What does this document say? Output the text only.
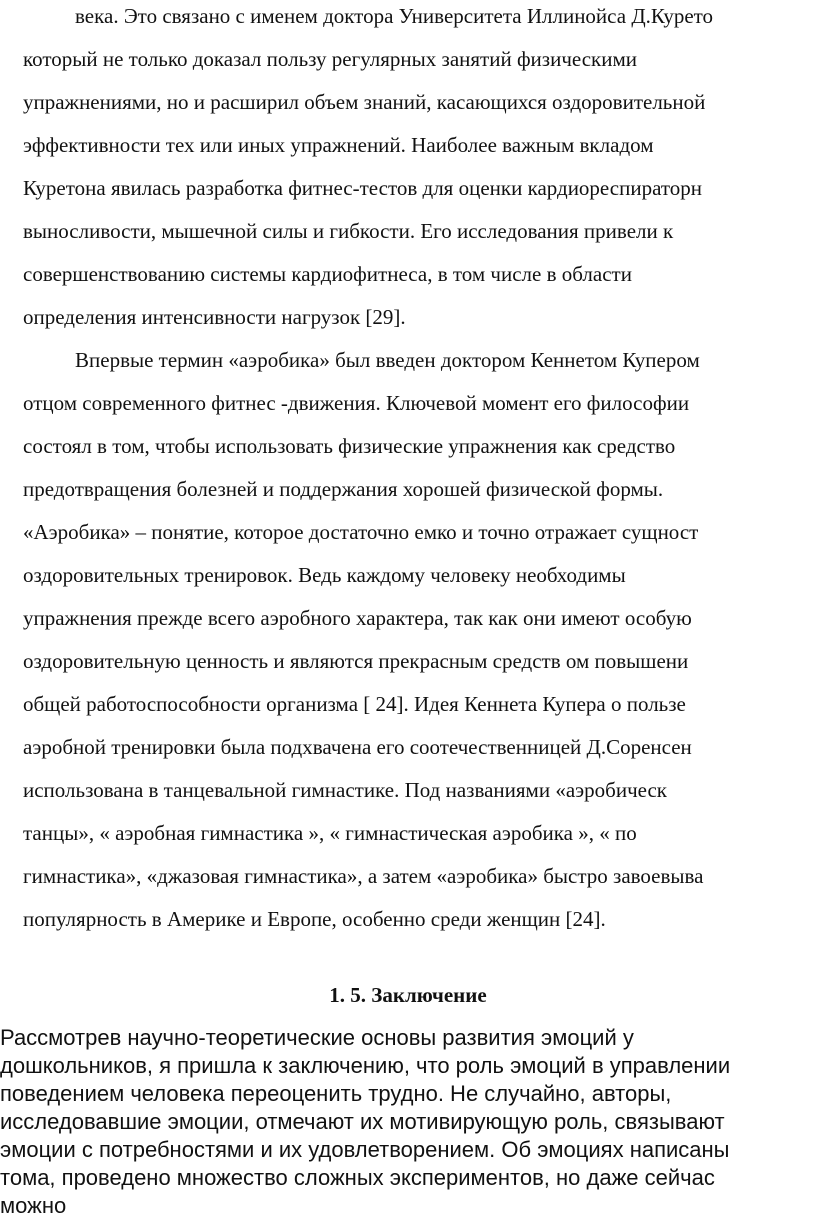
века. Это связано с именем доктора Университета Иллинойса Д.Курето
который не только доказал пользу регулярных занятий физическими
упражнениями, но и расширил объем знаний, касающихся оздоровительной
эффективности тех или иных упражнений. Наиболее важным вкладом
Куретона явилась разработка фитнес-тестов для оценки кардиореспираторн
выносливости, мышечной силы и гибкости. Его исследования привели к
совершенствованию системы кардиофитнеса, в том числе в области
определения интенсивности нагрузок [29].
Впервые термин «аэробика» был введен доктором Кеннетом Купером
отцом современного фитнес -движения. Ключевой момент его философии
состоял в том, чтобы использовать физические упражнения как средство
предотвращения болезней и поддержания хорошей физической формы.
«Аэробика» – понятие, которое достаточно емко и точно отражает сущност
оздоровительных тренировок. Ведь каждому человеку необходимы
упражнения прежде всего аэробного характера, так как они имеют особую
оздоровительную ценность и являются прекрасным средств ом повышени
общей работоспособности организма [ 24]. Идея Кеннета Купера о пользе
аэробной тренировки была подхвачена его соотечественницей Д.Соренсен
использована в танцевальной гимнастике. Под названиями «аэробическ
танцы», « аэробная гимнастика », « гимнастическая аэробика », « по
гимнастика», «джазовая гимнастика», а затем «аэробика» быстро завоевыва
популярность в Америке и Европе, особенно среди женщин [24].
1. 5. Заключение
Рассмотрев научно-теоретические основы развития эмоций у
дошкольников, я пришла к заключению, что роль эмоций в управлении
поведением человека переоценить трудно. Не случайно, авторы,
исследовавшие эмоции, отмечают их мотивирующую роль, связывают
эмоции с потребностями и их удовлетворением. Об эмоциях написаны
тома, проведено множество сложных экспериментов, но даже сейчас
можно
